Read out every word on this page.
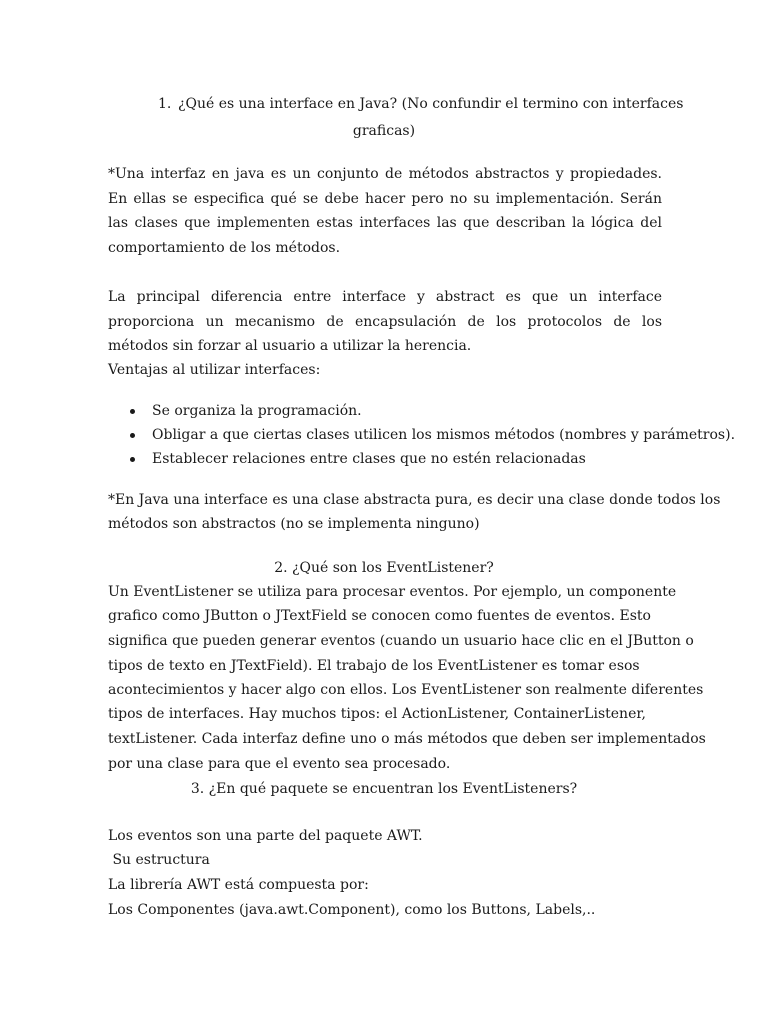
1. ¿Qué es una interface en Java? (No confundir el termino con interfaces
graficas)

*Una interfaz en java es un conjunto de métodos abstractos y propiedades. En ellas se especifica qué se debe hacer pero no su implementación. Serán las clases que implementen estas interfaces las que describan la lógica del comportamiento de los métodos.

La principal diferencia entre interface y abstract es que un interface proporciona un mecanismo de encapsulación de los protocolos de los métodos sin forzar al usuario a utilizar la herencia.

Ventajas al utilizar interfaces:
Se organiza la programación.
Obligar a que ciertas clases utilicen los mismos métodos (nombres y parámetros).
Establecer relaciones entre clases que no estén relacionadas
*En Java una interface es una clase abstracta pura, es decir una clase donde todos los
métodos son abstractos (no se implementa ninguno)
2. ¿Qué son los EventListener?
Un EventListener se utiliza para procesar eventos. Por ejemplo, un componente
grafico como JButton o JTextField se conocen como fuentes de eventos. Esto
significa que pueden generar eventos (cuando un usuario hace clic en el JButton o
tipos de texto en JTextField). El trabajo de los EventListener es tomar esos
acontecimientos y hacer algo con ellos. Los EventListener son realmente diferentes
tipos de interfaces. Hay muchos tipos: el ActionListener, ContainerListener,
textListener. Cada interfaz define uno o más métodos que deben ser implementados
por una clase para que el evento sea procesado.
3. ¿En qué paquete se encuentran los EventListeners?
Los eventos son una parte del paquete AWT.
Su estructura
La librería AWT está compuesta por:
Los Componentes (java.awt.Component), como los Buttons, Labels,..
